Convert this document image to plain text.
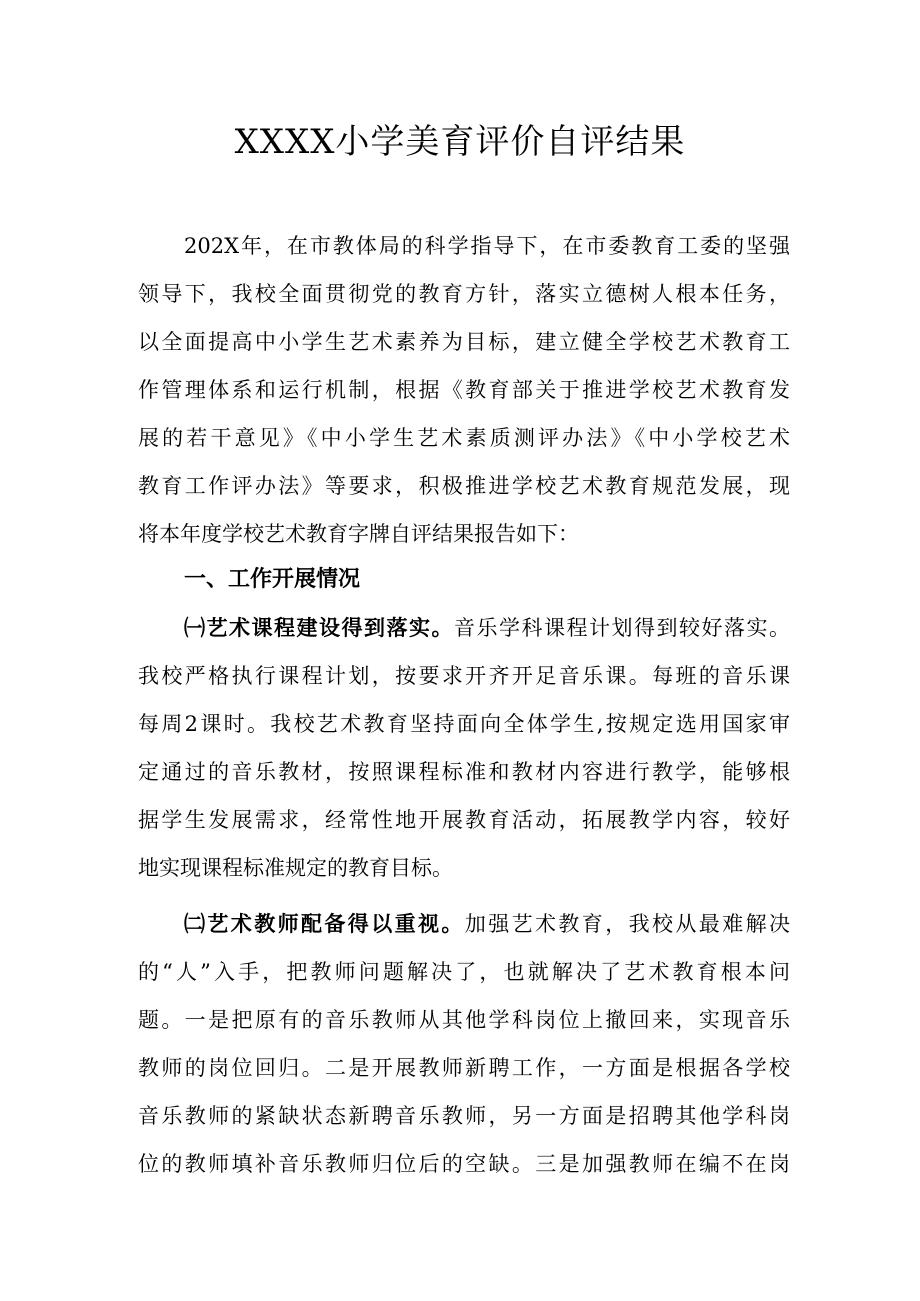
XXXX小学美育评价自评结果
202X年，在市教体局的科学指导下，在市委教育工委的坚强
领导下，我校全面贯彻党的教育方针，落实立德树人根本任务，
以全面提高中小学生艺术素养为目标，建立健全学校艺术教育工
作管理体系和运行机制，根据《教育部关于推进学校艺术教育发
展的若干意见》《中小学生艺术素质测评办法》《中小学校艺术
教育工作评办法》等要求，积极推进学校艺术教育规范发展，现
将本年度学校艺术教育字牌自评结果报告如下：
一、工作开展情况
㈠艺术课程建设得到落实。音乐学科课程计划得到较好落实。
我校严格执行课程计划，按要求开齐开足音乐课。每班的音乐课
每周2课时。我校艺术教育坚持面向全体学生,按规定选用国家审
定通过的音乐教材，按照课程标准和教材内容进行教学，能够根
据学生发展需求，经常性地开展教育活动，拓展教学内容，较好
地实现课程标准规定的教育目标。
㈡艺术教师配备得以重视。加强艺术教育，我校从最难解决
的“人”入手，把教师问题解决了，也就解决了艺术教育根本问
题。一是把原有的音乐教师从其他学科岗位上撤回来，实现音乐
教师的岗位回归。二是开展教师新聘工作，一方面是根据各学校
音乐教师的紧缺状态新聘音乐教师，另一方面是招聘其他学科岗
位的教师填补音乐教师归位后的空缺。三是加强教师在编不在岗
